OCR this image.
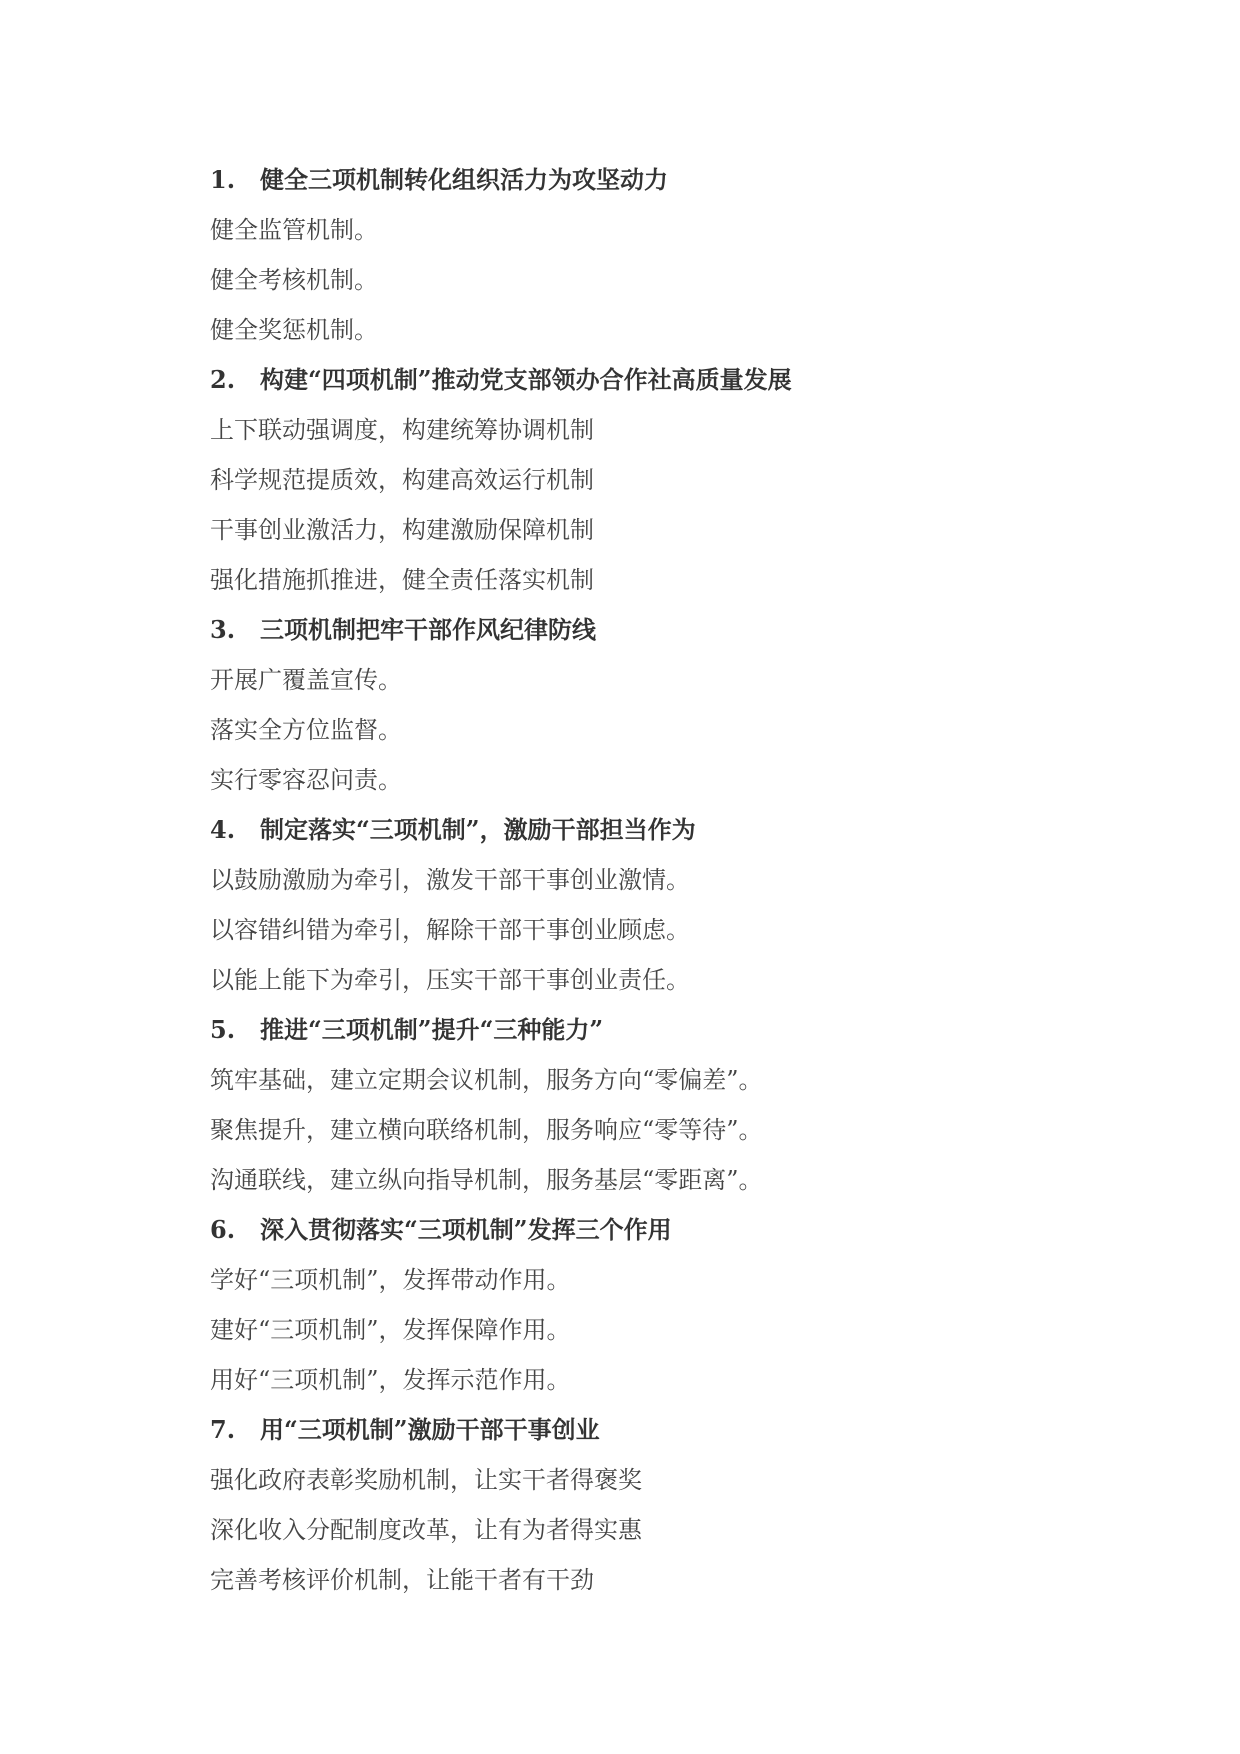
1.	健全三项机制转化组织活力为攻坚动力
健全监管机制。
健全考核机制。
健全奖惩机制。
2.	构建“四项机制”推动党支部领办合作社高质量发展
上下联动强调度，构建统筹协调机制
科学规范提质效，构建高效运行机制
干事创业激活力，构建激励保障机制
强化措施抓推进，健全责任落实机制
3.	三项机制把牢干部作风纪律防线
开展广覆盖宣传。
落实全方位监督。
实行零容忍问责。
4.	制定落实“三项机制”，激励干部担当作为
以鼓励激励为牵引，激发干部干事创业激情。
以容错纠错为牵引，解除干部干事创业顾虑。
以能上能下为牵引，压实干部干事创业责任。
5.	推进“三项机制”提升“三种能力”
筑牢基础，建立定期会议机制，服务方向“零偏差”。
聚焦提升，建立横向联络机制，服务响应“零等待”。
沟通联线，建立纵向指导机制，服务基层“零距离”。
6.	深入贯彻落实“三项机制”发挥三个作用
学好“三项机制”，发挥带动作用。
建好“三项机制”，发挥保障作用。
用好“三项机制”，发挥示范作用。
7.	用“三项机制”激励干部干事创业
强化政府表彰奖励机制，让实干者得褒奖
深化收入分配制度改革，让有为者得实惠
完善考核评价机制，让能干者有干劲
